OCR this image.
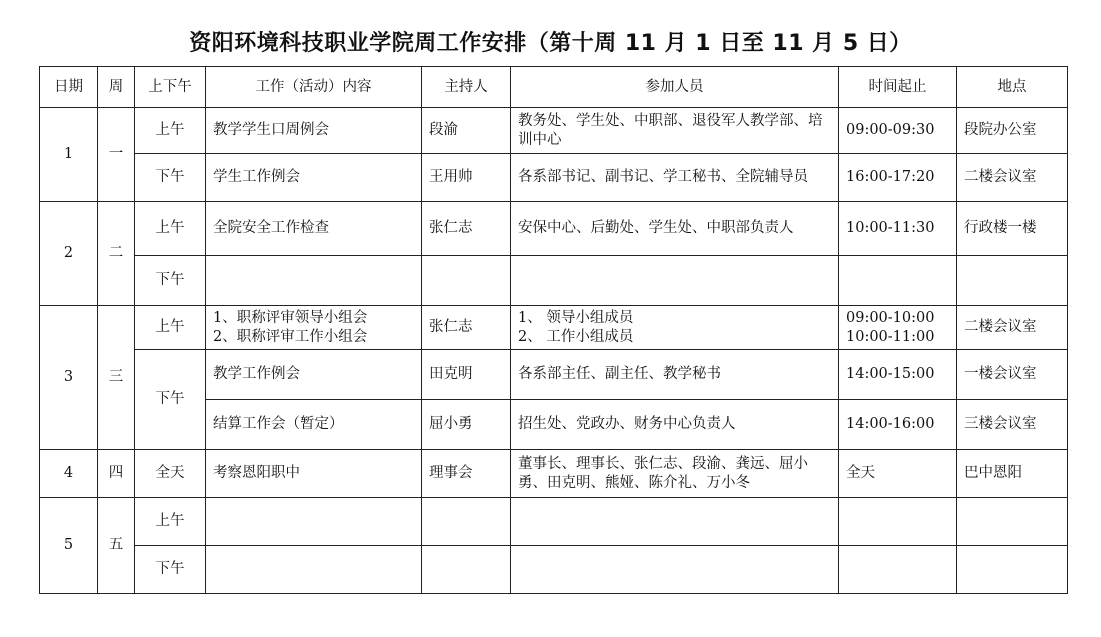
资阳环境科技职业学院周工作安排（第十周 11 月 1 日至 11 月 5 日）
日期	周	上下午	工作（活动）内容	主持人	参加人员	时间起止	地点
1	一	上午	教学学生口周例会	段渝	教务处、学生处、中职部、退役军人教学部、培训中心	09:00-09:30	段院办公室
		下午	学生工作例会	王用帅	各系部书记、副书记、学工秘书、全院辅导员	16:00-17:20	二楼会议室
2	二	上午	全院安全工作检查	张仁志	安保中心、后勤处、学生处、中职部负责人	10:00-11:30	行政楼一楼
		下午					
3	三	上午	1、职称评审领导小组会
2、职称评审工作小组会	张仁志	1、 领导小组成员
2、 工作小组成员	09:00-10:00
10:00-11:00	二楼会议室
		下午	教学工作例会	田克明	各系部主任、副主任、教学秘书	14:00-15:00	一楼会议室
			结算工作会（暂定）	屈小勇	招生处、党政办、财务中心负责人	14:00-16:00	三楼会议室
4	四	全天	考察恩阳职中	理事会	董事长、理事长、张仁志、段渝、龚远、屈小勇、田克明、熊娅、陈介礼、万小冬	全天	巴中恩阳
5	五	上午					
		下午					
